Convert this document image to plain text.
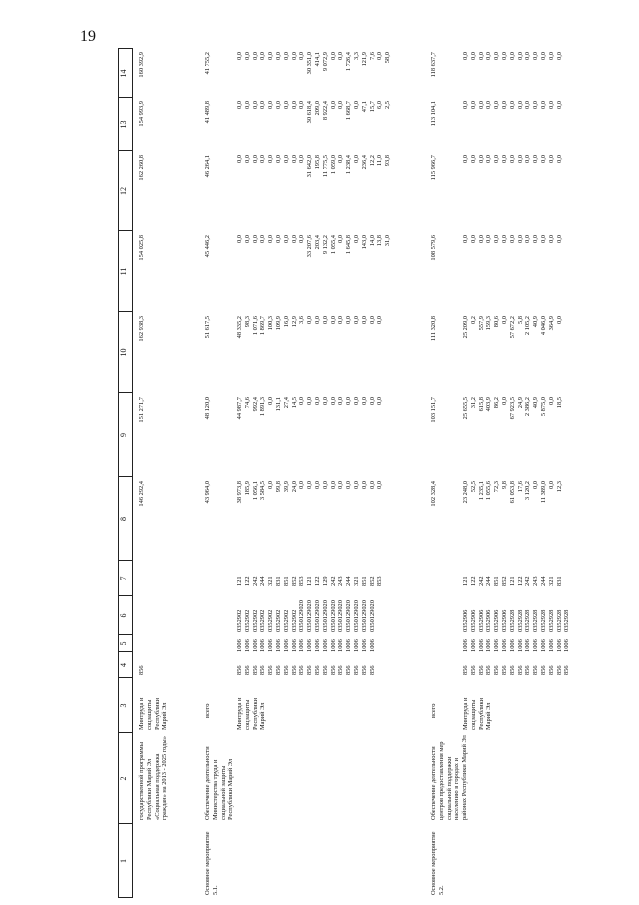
19
1
2
3
4
5
6
7
8
9
10
11
12
13
14
государственной программы Республики Марий Эл «Социальная поддержка граждан» на 2013 - 2025 годы»
Минтруда и соцзащиты Республики Марий Эл
856
146 292,4
151 271,7
162 938,3
154 025,8
162 260,8
154 993,9
160 392,9
Основное мероприятие 5.1.
Обеспечение деятельности Министерства труда и социальной защиты Республики Марий Эл
всего	Минтруда и соцзащиты Республики Марий Эл
43 964,0
48 120,0
51 617,5
45 446,2
46 264,1
41 489,8
41 755,2
856 856 856 856 856 856 856 856 856 856 856 856 856 856 856 856 856 856
1006 1006 1006 1006 1006 1006 1006 1006 1006 1006 1006 1006 1006 1006 1006 1006 1006 1006
0352902 0352902 0352902 0352902 0352902 0352902 0352902 0352902 0350129020 0350129020 0350129020 0350129020 0350129020 0350129020 0350129020 0350129020 0350129020 0350129020
121 122 242 244 321 831 851 852 853 121 122 129 242 243 244 321 851 852 853
38 973,8 185,9 1 056,1 3 584,5 0,0 99,8 39,9 24,0 0,0 0,0 0,0 0,0 0,0 0,0 0,0 0,0 0,0 0,0 0,0
44 987,7 74,6 992,4 1 891,3 0,0 131,1 27,4 14,5 0,0 0,0 0,0 0,0 0,0 0,0 0,0 0,0 0,0 0,0 0,0
48 335,2 98,3 1 071,6 1 869,7 100,3 109,9 16,0 12,9 3,6 0,0 0,0 0,0 0,0 0,0 0,0 0,0 0,0 0,0 0,0
0,0 0,0 0,0 0,0 0,0 0,0 0,0 0,0 0,0 33 207,6 203,4 9 132,2 1 055,4 0,0 1 645,8 0,0 143,0 14,0 13,8 31,0
0,0 0,0 0,0 0,0 0,0 0,0 0,0 0,0 0,0 31 642,0 195,8 11 775,5 1 059,0 0,0 1 238,4 0,0 236,4 12,2 11,0 93,8
0,0 0,0 0,0 0,0 0,0 0,0 0,0 0,0 0,0 30 618,4 209,0 8 922,4 0,0 0,0 1 668,7 0,0 47,1 15,7 6,0 2,5
0,0 0,0 0,0 0,0 0,0 0,0 0,0 0,0 0,0 30 351,0 414,1 9 072,9 0,0 0,0 1 726,4 3,3 121,9 7,6 0,0 58,0
Основное мероприятие 5.2.
Обеспечение деятельности центров предоставления мер социальной поддержки населению в городах и районах Республики Марий Эл
всего	Минтруда и соцзащиты Республики Марий Эл
102 328,4
103 151,7
111 320,8
108 579,6
115 966,7
113 104,1
118 637,7
856 856 856 856 856 856 856 856 856 856 856 856 856 856
1006 1006 1006 1006 1006 1006 1006 1006 1006 1006 1006 1006 1006 1006
0352906 0352906 0352906 0352906 0352906 0352906 0352928 0352928 0352928 0352928 0352928 0352928 0352928 0352928
121 122 242 244 851 852 121 122 242 243 244 321 831
23 248,0 52,5 1 235,1 1 055,6 72,3 9,8 61 053,8 17,6 3 120,2 0,0 11 389,0 0,0 12,3
25 655,5 31,2 615,8 403,9 86,2 0,0 67 923,5 24,9 2 386,2 40,9 5 875,0 0,0 18,5
25 209,0 0,2 557,9 159,3 80,6 0,0 57 672,2 5,8 2 105,2 40,9 4 046,0 364,9 0,0
0,0 0,0 0,0 0,0 0,0 0,0 0,0 0,0 0,0 0,0 0,0 0,0 0,0
0,0 0,0 0,0 0,0 0,0 0,0 0,0 0,0 0,0 0,0 0,0 0,0 0,0
0,0 0,0 0,0 0,0 0,0 0,0 0,0 0,0 0,0 0,0 0,0 0,0 0,0
0,0 0,0 0,0 0,0 0,0 0,0 0,0 0,0 0,0 0,0 0,0 0,0 0,0
